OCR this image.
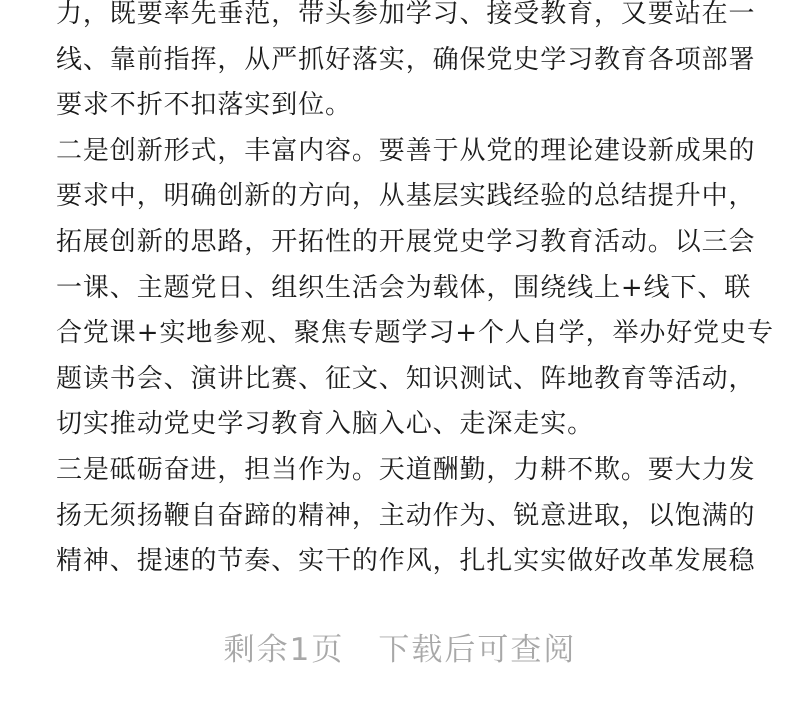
力，既要率先垂范，带头参加学习、接受教育，又要站在一
线、靠前指挥，从严抓好落实，确保党史学习教育各项部署
要求不折不扣落实到位。
二是创新形式，丰富内容。要善于从党的理论建设新成果的
要求中，明确创新的方向，从基层实践经验的总结提升中，
拓展创新的思路，开拓性的开展党史学习教育活动。以三会
一课、主题党日、组织生活会为载体，围绕线上+线下、联
合党课+实地参观、聚焦专题学习+个人自学，举办好党史专
题读书会、演讲比赛、征文、知识测试、阵地教育等活动，
切实推动党史学习教育入脑入心、走深走实。
三是砥砺奋进，担当作为。天道酬勤，力耕不欺。要大力发
扬无须扬鞭自奋蹄的精神，主动作为、锐意进取，以饱满的
精神、提速的节奏、实干的作风，扎扎实实做好改革发展稳
剩余1页 下载后可查阅
